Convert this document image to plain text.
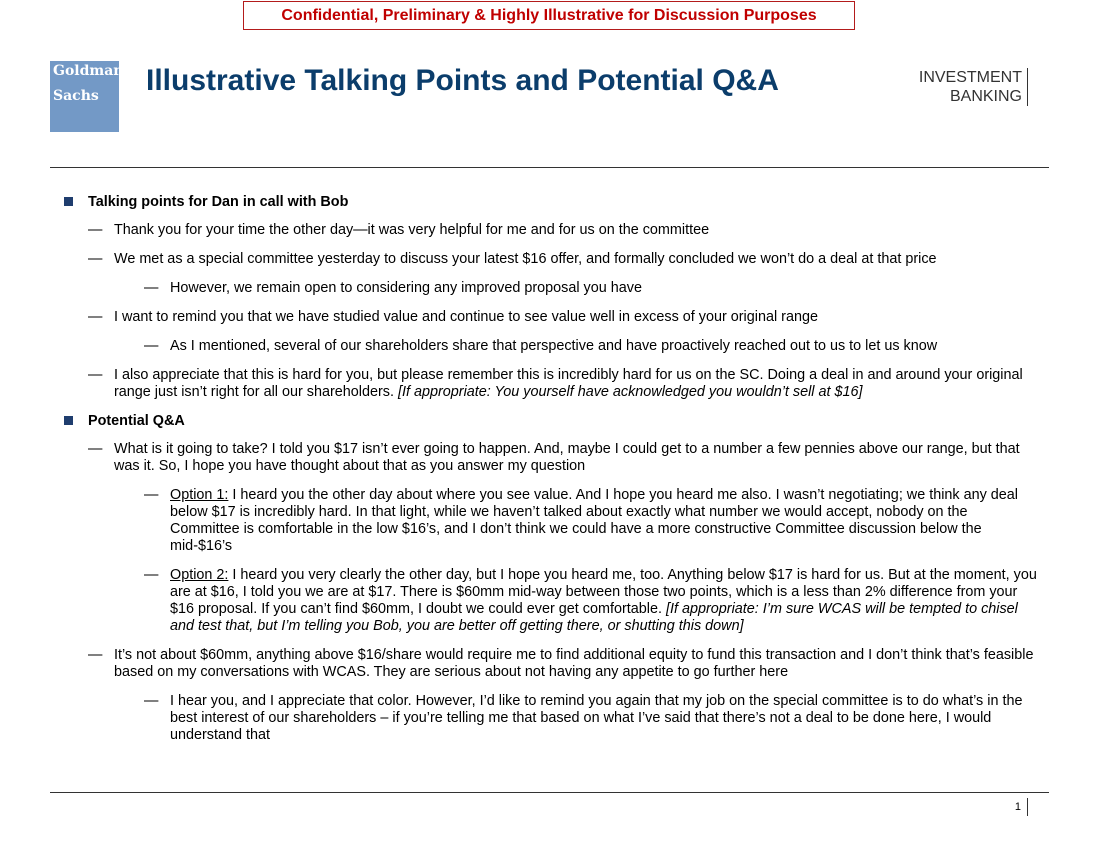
Confidential, Preliminary & Highly Illustrative for Discussion Purposes
Goldman
Sachs	Illustrative Talking Points and Potential Q&A	INVESTMENT
BANKING
Talking points for Dan in call with Bob
— Thank you for your time the other day—it was very helpful for me and for us on the committee
— We met as a special committee yesterday to discuss your latest $16 offer, and formally concluded we won’t do a deal at that price
— However, we remain open to considering any improved proposal you have
— I want to remind you that we have studied value and continue to see value well in excess of your original range
— As I mentioned, several of our shareholders share that perspective and have proactively reached out to us to let us know
— I also appreciate that this is hard for you, but please remember this is incredibly hard for us on the SC. Doing a deal in and around your original range just isn’t right for all our shareholders. [If appropriate: You yourself have acknowledged you wouldn’t sell at $16]
Potential Q&A
— What is it going to take? I told you $17 isn’t ever going to happen. And, maybe I could get to a number a few pennies above our range, but that was it. So, I hope you have thought about that as you answer my question
— Option 1: I heard you the other day about where you see value. And I hope you heard me also. I wasn’t negotiating; we think any deal below $17 is incredibly hard. In that light, while we haven’t talked about exactly what number we would accept, nobody on the Committee is comfortable in the low $16’s, and I don’t think we could have a more constructive Committee discussion below the mid-$16’s
— Option 2: I heard you very clearly the other day, but I hope you heard me, too. Anything below $17 is hard for us. But at the moment, you are at $16, I told you we are at $17. There is $60mm mid-way between those two points, which is a less than 2% difference from your $16 proposal. If you can’t find $60mm, I doubt we could ever get comfortable. [If appropriate: I’m sure WCAS will be tempted to chisel and test that, but I’m telling you Bob, you are better off getting there, or shutting this down]
— It’s not about $60mm, anything above $16/share would require me to find additional equity to fund this transaction and I don’t think that’s feasible based on my conversations with WCAS. They are serious about not having any appetite to go further here
— I hear you, and I appreciate that color. However, I’d like to remind you again that my job on the special committee is to do what’s in the best interest of our shareholders – if you’re telling me that based on what I’ve said that there’s not a deal to be done here, I would understand that
1
